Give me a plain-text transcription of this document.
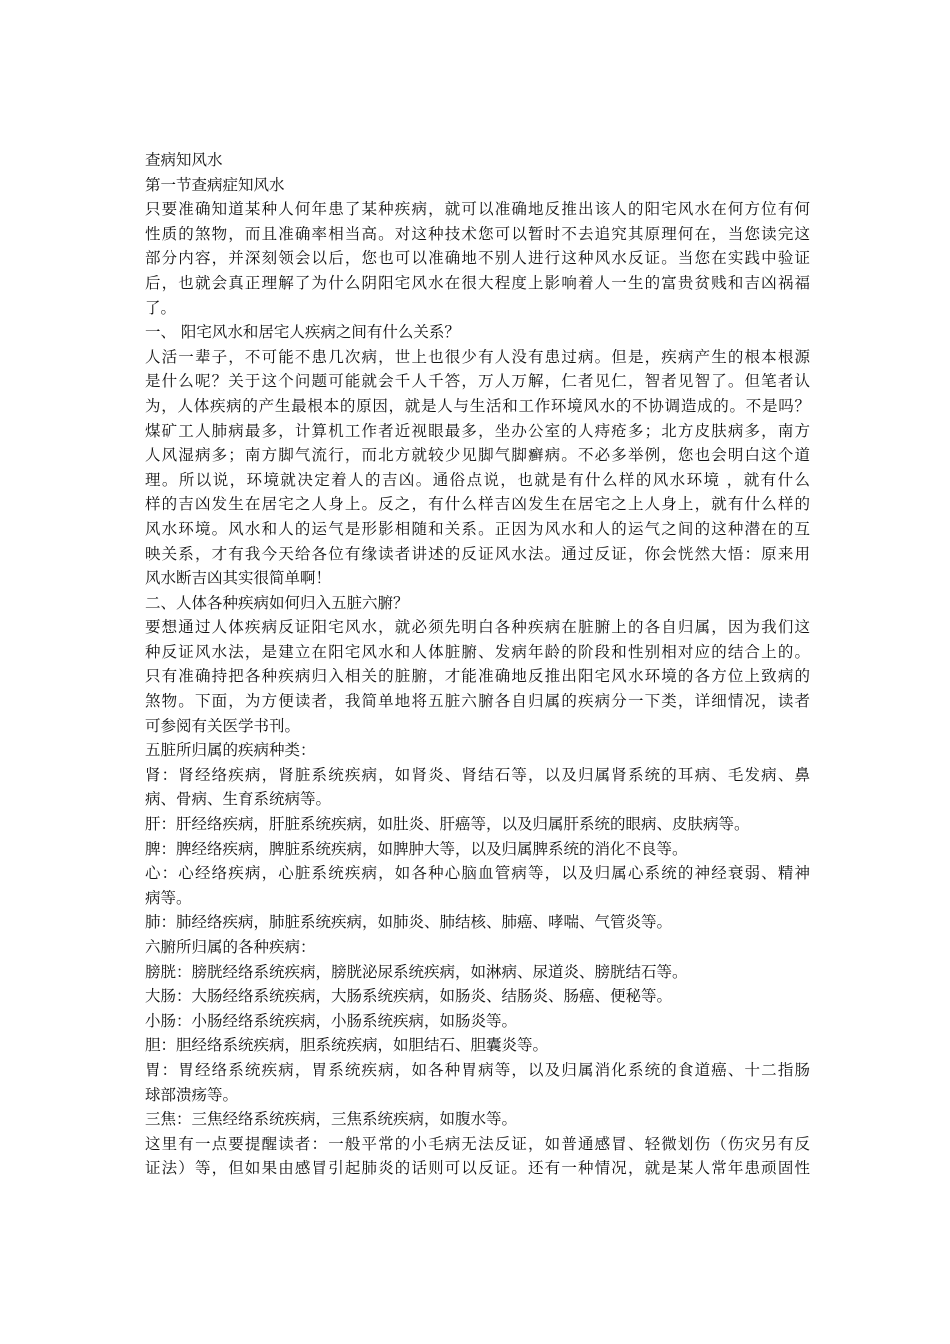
查病知风水
第一节查病症知风水
只要准确知道某种人何年患了某种疾病，就可以准确地反推出该人的阳宅风水在何方位有何
性质的煞物，而且准确率相当高。对这种技术您可以暂时不去追究其原理何在，当您读完这
部分内容，并深刻领会以后，您也可以准确地不别人进行这种风水反证。当您在实践中验证
后，也就会真正理解了为什么阴阳宅风水在很大程度上影响着人一生的富贵贫贱和吉凶祸福
了。
一、 阳宅风水和居宅人疾病之间有什么关系？
人活一辈子，不可能不患几次病，世上也很少有人没有患过病。但是，疾病产生的根本根源
是什么呢？关于这个问题可能就会千人千答，万人万解，仁者见仁，智者见智了。但笔者认
为，人体疾病的产生最根本的原因，就是人与生活和工作环境风水的不协调造成的。不是吗？
煤矿工人肺病最多，计算机工作者近视眼最多，坐办公室的人痔疮多；北方皮肤病多，南方
人风湿病多；南方脚气流行，而北方就较少见脚气脚癣病。不必多举例，您也会明白这个道
理。所以说，环境就决定着人的吉凶。通俗点说，也就是有什么样的风水环境 ，就有什么
样的吉凶发生在居宅之人身上。反之，有什么样吉凶发生在居宅之上人身上，就有什么样的
风水环境。风水和人的运气是形影相随和关系。正因为风水和人的运气之间的这种潜在的互
映关系，才有我今天给各位有缘读者讲述的反证风水法。通过反证，你会恍然大悟：原来用
风水断吉凶其实很简单啊！
二、人体各种疾病如何归入五脏六腑？
要想通过人体疾病反证阳宅风水，就必须先明白各种疾病在脏腑上的各自归属，因为我们这
种反证风水法，是建立在阳宅风水和人体脏腑、发病年龄的阶段和性别相对应的结合上的。
只有准确持把各种疾病归入相关的脏腑，才能准确地反推出阳宅风水环境的各方位上致病的
煞物。下面，为方便读者，我简单地将五脏六腑各自归属的疾病分一下类，详细情况，读者
可参阅有关医学书刊。
五脏所归属的疾病种类：
肾：肾经络疾病，肾脏系统疾病，如肾炎、肾结石等，以及归属肾系统的耳病、毛发病、鼻
病、骨病、生育系统病等。
肝：肝经络疾病，肝脏系统疾病，如肚炎、肝癌等，以及归属肝系统的眼病、皮肤病等。
脾：脾经络疾病，脾脏系统疾病，如脾肿大等，以及归属脾系统的消化不良等。
心：心经络疾病，心脏系统疾病，如各种心脑血管病等，以及归属心系统的神经衰弱、精神
病等。
肺：肺经络疾病，肺脏系统疾病，如肺炎、肺结核、肺癌、哮喘、气管炎等。
六腑所归属的各种疾病：
膀胱：膀胱经络系统疾病，膀胱泌尿系统疾病，如淋病、尿道炎、膀胱结石等。
大肠：大肠经络系统疾病，大肠系统疾病，如肠炎、结肠炎、肠癌、便秘等。
小肠：小肠经络系统疾病，小肠系统疾病，如肠炎等。
胆：胆经络系统疾病，胆系统疾病，如胆结石、胆囊炎等。
胃：胃经络系统疾病，胃系统疾病，如各种胃病等，以及归属消化系统的食道癌、十二指肠
球部溃疡等。
三焦：三焦经络系统疾病，三焦系统疾病，如腹水等。
这里有一点要提醒读者：一般平常的小毛病无法反证，如普通感冒、轻微划伤（伤灾另有反
证法）等，但如果由感冒引起肺炎的话则可以反证。还有一种情况，就是某人常年患顽固性
